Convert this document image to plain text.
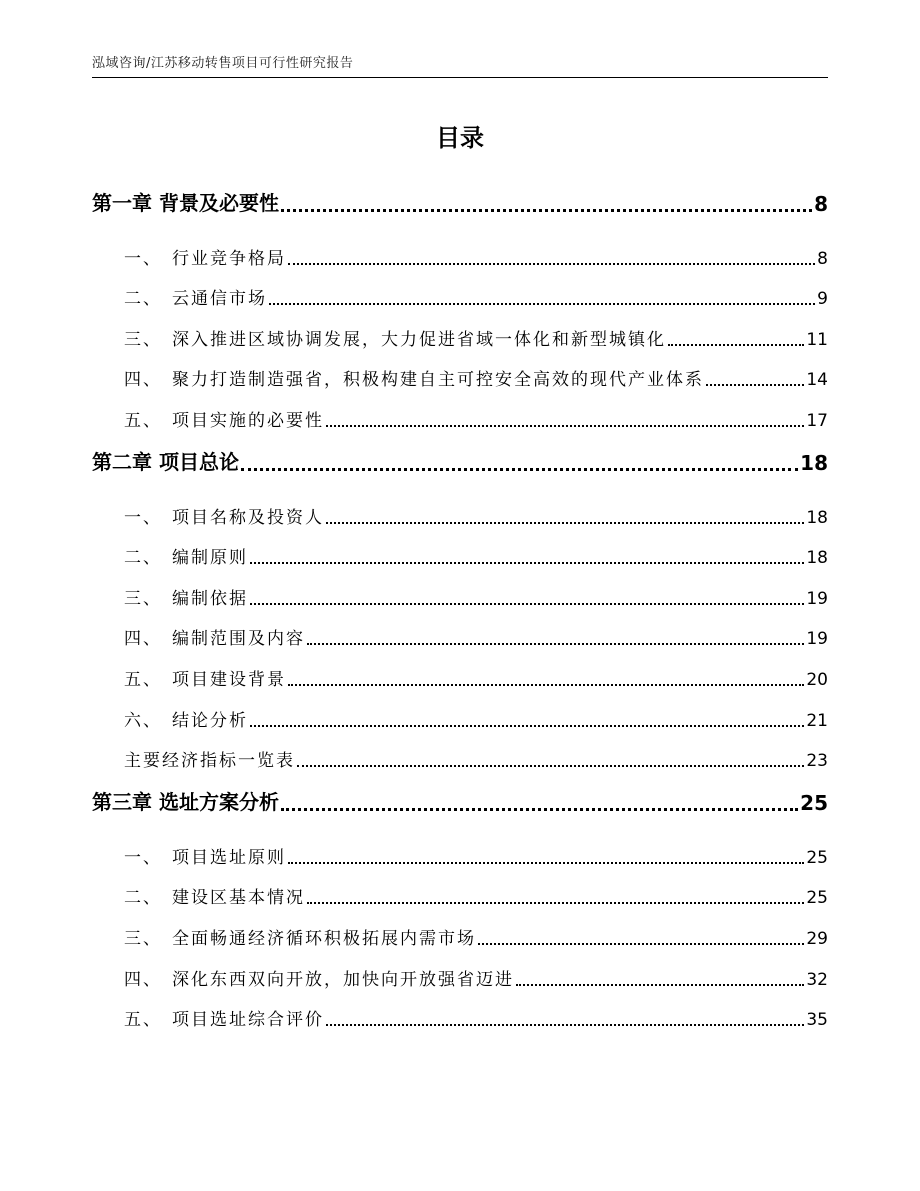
泓域咨询/江苏移动转售项目可行性研究报告
目录
第一章 背景及必要性	8
一、 行业竞争格局	8
二、 云通信市场	9
三、 深入推进区域协调发展，大力促进省域一体化和新型城镇化	11
四、 聚力打造制造强省，积极构建自主可控安全高效的现代产业体系	14
五、 项目实施的必要性	17
第二章 项目总论	18
一、 项目名称及投资人	18
二、 编制原则	18
三、 编制依据	19
四、 编制范围及内容	19
五、 项目建设背景	20
六、 结论分析	21
主要经济指标一览表	23
第三章 选址方案分析	25
一、 项目选址原则	25
二、 建设区基本情况	25
三、 全面畅通经济循环积极拓展内需市场	29
四、 深化东西双向开放，加快向开放强省迈进	32
五、 项目选址综合评价	35
